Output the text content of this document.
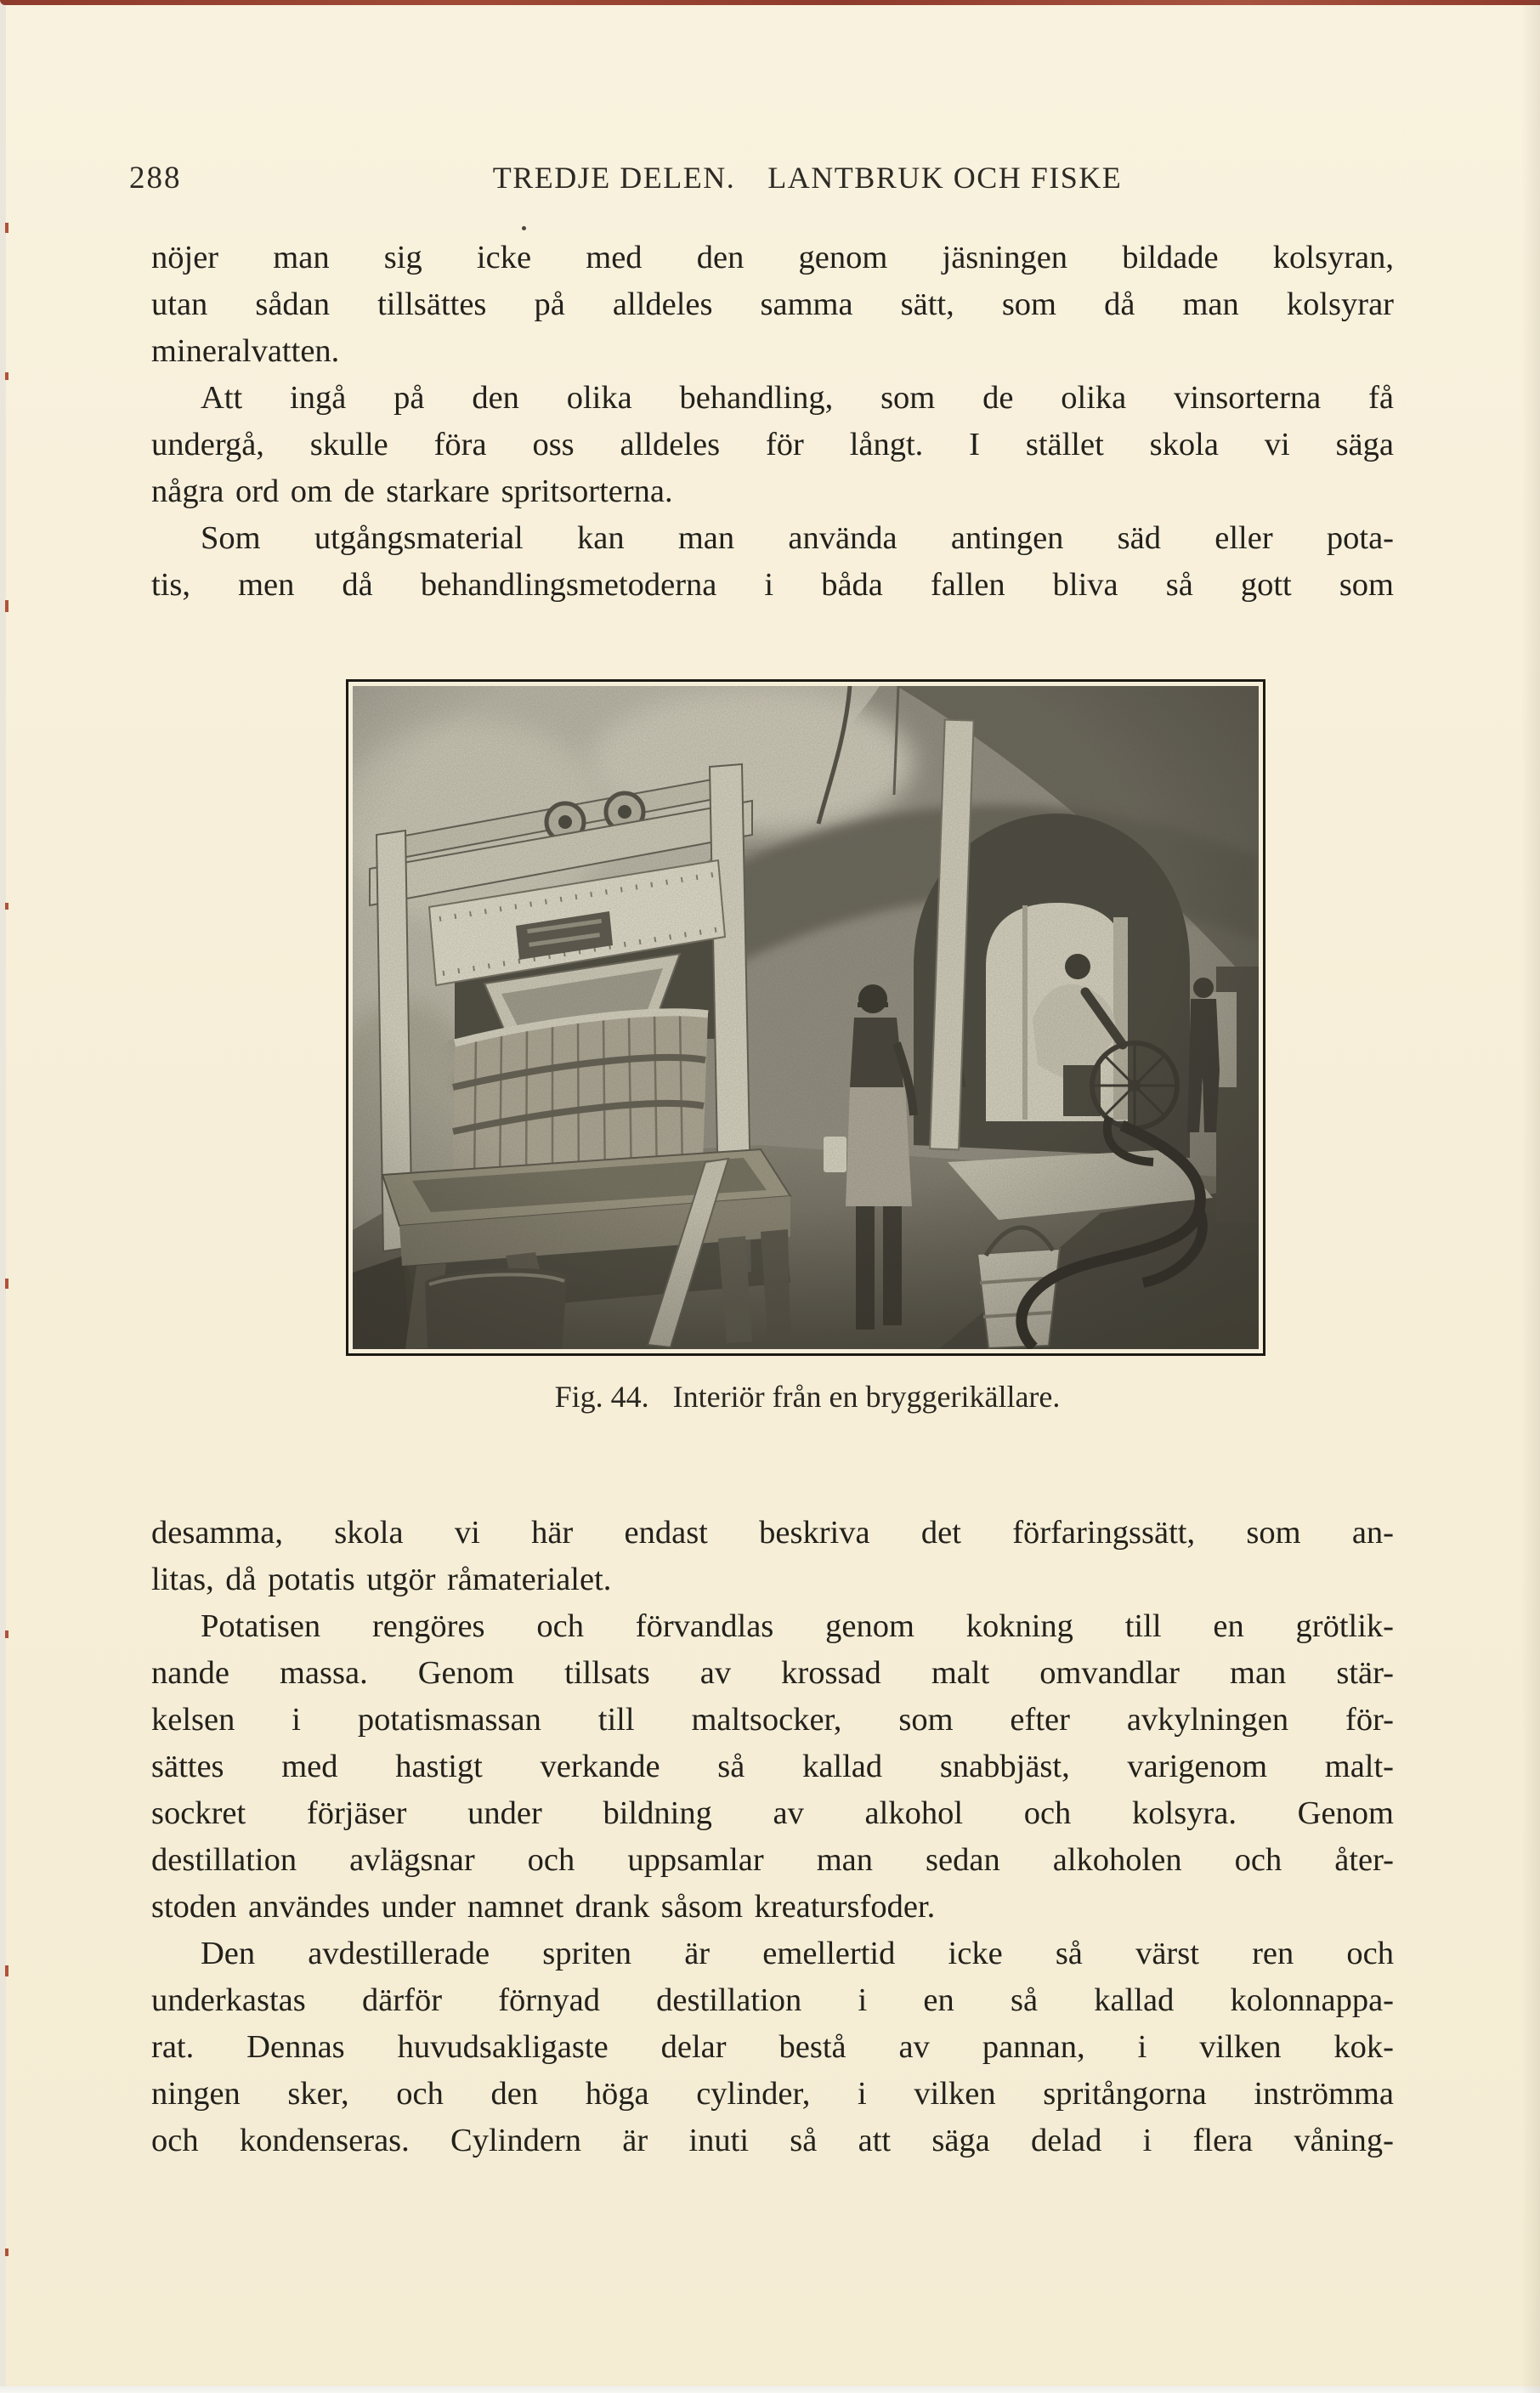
288	TREDJE DELEN. LANTBRUK OCH FISKE
nöjer man sig icke med den genom jäsningen bildade kolsyran,
utan sådan tillsättes på alldeles samma sätt, som då man kolsyrar
mineralvatten.
Att ingå på den olika behandling, som de olika vinsorterna få
undergå, skulle föra oss alldeles för långt. I stället skola vi säga
några ord om de starkare spritsorterna.
Som utgångsmaterial kan man använda antingen säd eller pota-
tis, men då behandlingsmetoderna i båda fallen bliva så gott som
Fig. 44. Interiör från en bryggerikällare.
desamma, skola vi här endast beskriva det förfaringssätt, som an-
litas, då potatis utgör råmaterialet.
Potatisen rengöres och förvandlas genom kokning till en grötlik-
nande massa. Genom tillsats av krossad malt omvandlar man stär-
kelsen i potatismassan till maltsocker, som efter avkylningen för-
sättes med hastigt verkande så kallad snabbjäst, varigenom malt-
sockret förjäser under bildning av alkohol och kolsyra. Genom
destillation avlägsnar och uppsamlar man sedan alkoholen och åter-
stoden användes under namnet drank såsom kreatursfoder.
Den avdestillerade spriten är emellertid icke så värst ren och
underkastas därför förnyad destillation i en så kallad kolonnappa-
rat. Dennas huvudsakligaste delar bestå av pannan, i vilken kok-
ningen sker, och den höga cylinder, i vilken spritångorna inströmma
och kondenseras. Cylindern är inuti så att säga delad i flera våning-
